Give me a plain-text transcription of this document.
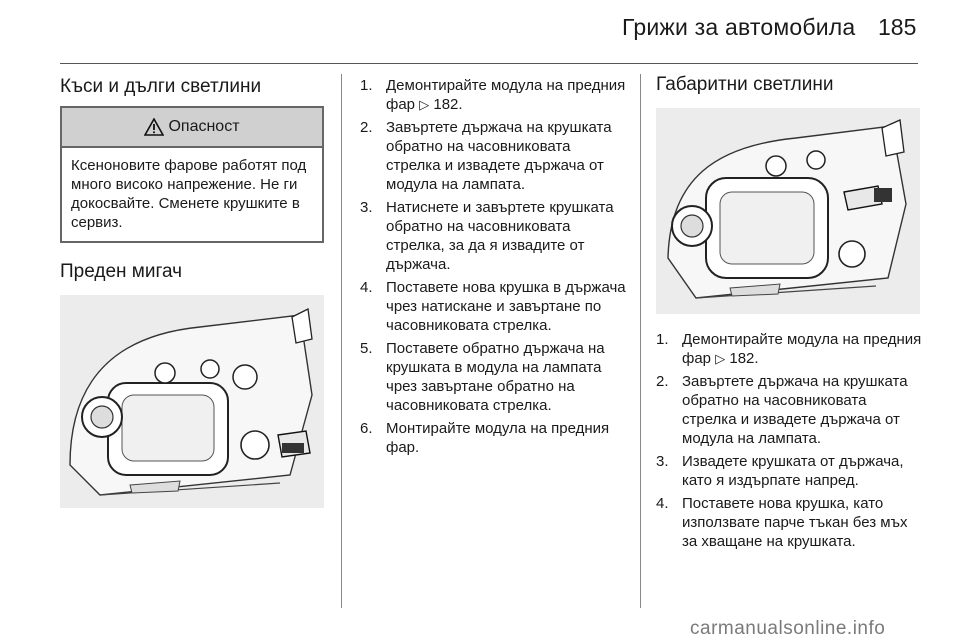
Грижи за автомобила 185
Къси и дълги светлини
Опасност
Ксеноновите фарове работят под много високо напрежение. Не ги докосвайте. Сменете крушките в сервиз.
Преден мигач
1. Демонтирайте модула на предния фар ▷ 182.
2. Завъртете държача на крушката обратно на часовниковата стрелка и извадете държача от модула на лампата.
3. Натиснете и завъртете крушката обратно на часовниковата стрелка, за да я извадите от държача.
4. Поставете нова крушка в държача чрез натискане и завъртане по часовниковата стрелка.
5. Поставете обратно държача на крушката в модула на лампата чрез завъртане обратно на часовниковата стрелка.
6. Монтирайте модула на предния фар.
Габаритни светлини
1. Демонтирайте модула на предния фар ▷ 182.
2. Завъртете държача на крушката обратно на часовниковата стрелка и извадете държача от модула на лампата.
3. Извадете крушката от държача, като я издърпате напред.
4. Поставете нова крушка, като използвате парче тъкан без мъх за хващане на крушката.
carmanualsonline.info
